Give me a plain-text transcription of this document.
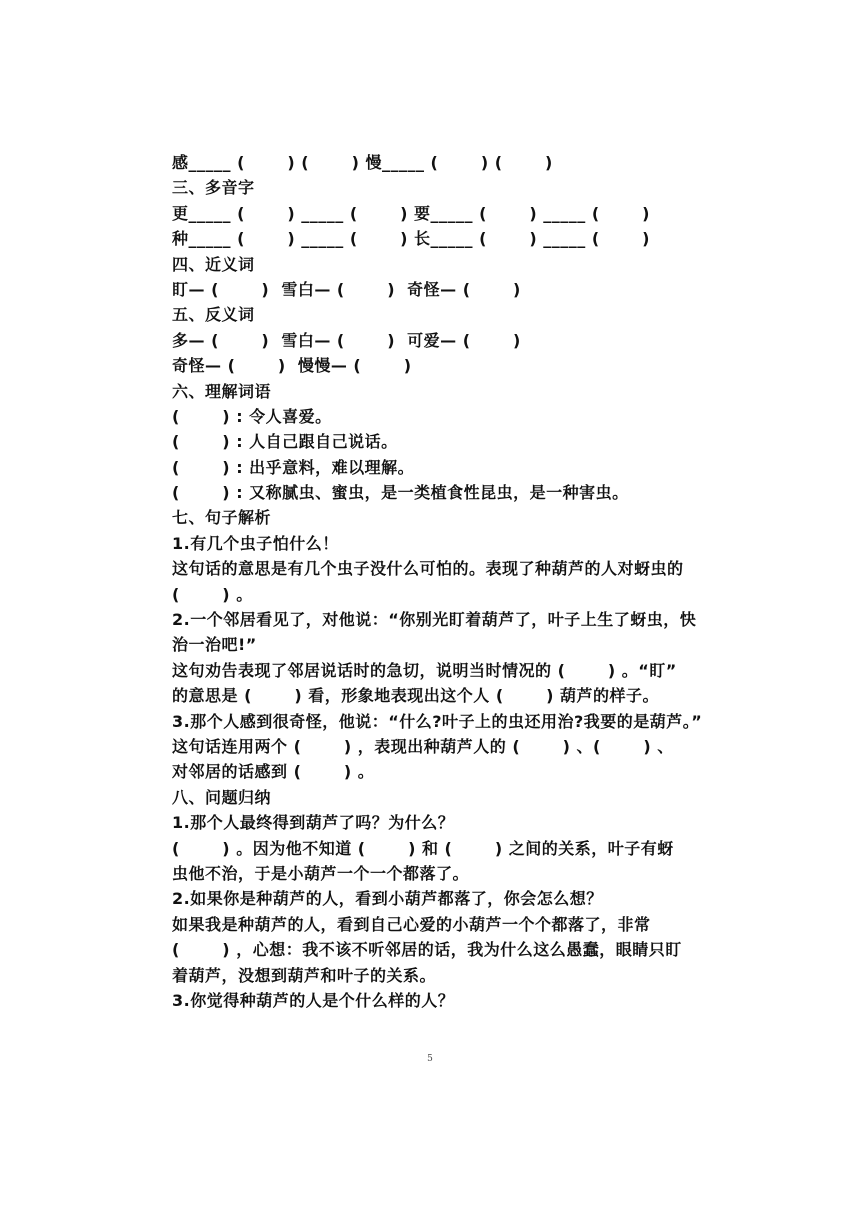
感_____ (       ) (       ) 慢_____ (       ) (       )
三、多音字
更_____ (       ) _____ (       ) 要_____ (       ) _____ (       )
种_____ (       ) _____ (       ) 长_____ (       ) _____ (       )
四、近义词
盯— (       )  雪白— (       )  奇怪— (       )
五、反义词
多— (       )  雪白— (       )  可爱— (       )
奇怪— (       )  慢慢— (       )
六、理解词语
(       ) : 令人喜爱。
(       ) : 人自己跟自己说话。
(       ) : 出乎意料，难以理解。
(       ) : 又称腻虫、蜜虫，是一类植食性昆虫，是一种害虫。
七、句子解析
1.有几个虫子怕什么！
这句话的意思是有几个虫子没什么可怕的。表现了种葫芦的人对蚜虫的
(       ) 。
2.一个邻居看见了，对他说：“你别光盯着葫芦了，叶子上生了蚜虫，快
治一治吧!”
这句劝告表现了邻居说话时的急切，说明当时情况的 (       ) 。“盯”
的意思是 (       ) 看，形象地表现出这个人 (       ) 葫芦的样子。
3.那个人感到很奇怪，他说：“什么?叶子上的虫还用治?我要的是葫芦。”
这句话连用两个 (       ) ，表现出种葫芦人的 (       ) 、(       ) 、
对邻居的话感到 (       ) 。
八、问题归纳
1.那个人最终得到葫芦了吗？为什么？
(       ) 。因为他不知道 (       ) 和 (       ) 之间的关系，叶子有蚜
虫他不治，于是小葫芦一个一个都落了。
2.如果你是种葫芦的人，看到小葫芦都落了，你会怎么想？
如果我是种葫芦的人，看到自己心爱的小葫芦一个个都落了，非常
(       ) ，心想：我不该不听邻居的话，我为什么这么愚蠢，眼睛只盯
着葫芦，没想到葫芦和叶子的关系。
3.你觉得种葫芦的人是个什么样的人？
5
